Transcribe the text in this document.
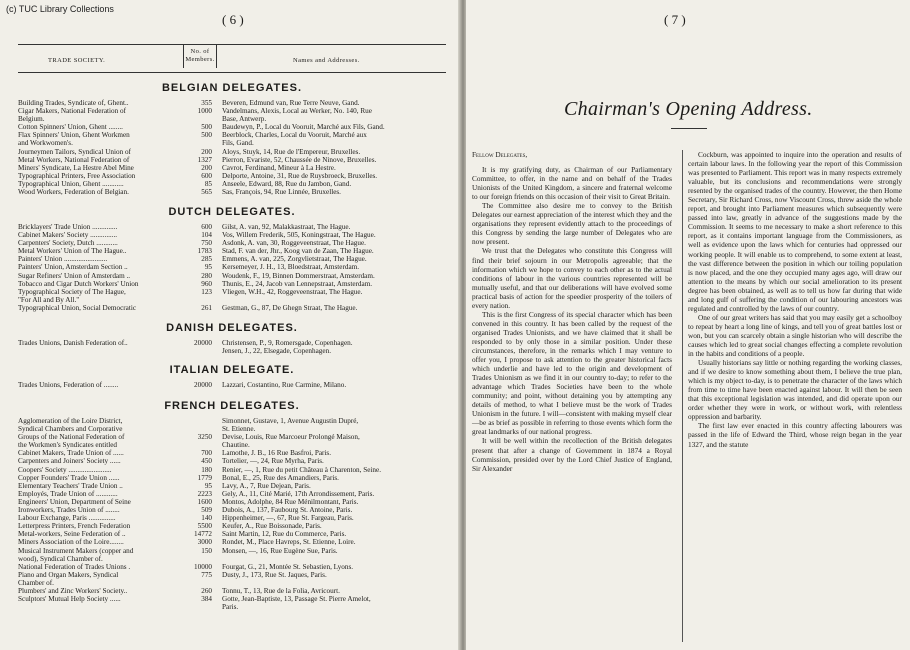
(c) TUC Library Collections
( 6 )
TRADE SOCIETY.
No. of Members.	Names and Addresses.
BELGIAN DELEGATES.
Building Trades, Syndicate of, Ghent..	355 Beveren, Edmund van, Rue Terre Neuve, Gand.
Cigar Makers, National Federation of	1000 Vandelmans, Alexis, Local au Werker, No. 140, Rue
Belgium.	Base, Antwerp.
Cotton Spinners' Union, Ghent ........	500 Baudewyn, P., Local du Vooruit, Marché aux Fils, Gand.
Flax Spinners' Union, Ghent Workmen	500 Beerblock, Charles, Local du Vooruit, Marché aux
and Workwomen's.	Fils, Gand.
Journeymen Tailors, Syndical Union of	200 Aloys, Stuyk, 14, Rue de l'Empereur, Bruxelles.
Metal Workers, National Federation of	1327 Pierron, Evariste, 52, Chaussée de Ninove, Bruxelles.
Miners' Syndicate, La Hestre Abel Mine	200 Cavrot, Ferdinand, Mineur à La Hestre.
Typographical Printers, Free Association	600 Delporte, Antoine, 31, Rue de Ruysbroeck, Bruxelles.
Typographical Union, Ghent ............	85 Anseele, Edward, 88, Rue du Jambon, Gand.
Wood Workers, Federation of Belgian.	565 Sas, François, 94, Rue Linnée, Bruxelles.
DUTCH DELEGATES.
Bricklayers' Trade Union ..............	600 Gilst, A. van, 92, Malakkastraat, The Hague.
Cabinet Makers' Society ...............	104 Vos, Willem Frederik, 505, Koningstraat, The Hague.
Carpenters' Society, Dutch ............	750 Asdonk, A. van, 30, Roggeveenstraat, The Hague.
Metal Workers' Union of The Hague..	1783 Stad, F. van der, Jhr., Koog van de Zaan, The Hague.
Painters' Union ........................	285 Emmens, A. van, 225, Zorgvlietstraat, The Hague.
Painters' Union, Amsterdam Section ..	95 Kersemeyer, J. H., 13, Bloedstraat, Amsterdam.
Sugar Refiners' Union of Amsterdam ..	280 Woudenk, F., 19, Binnen Dommerstraat, Amsterdam.
Tobacco and Cigar Dutch Workers' Union	960 Thunis, E., 24, Jacob van Lennepstraat, Amsterdam.
Typographical Society of The Hague,	123 Vliegen, W.H., 42, Roggeveenstraat, The Hague.
"For All and By All."
Typographical Union, Social Democratic	261 Gestman, G., 87, De Ghegn Straat, The Hague.
DANISH DELEGATES.
Trades Unions, Danish Federation of..	20000 Christensen, P., 9, Romersgade, Copenhagen.
Jensen, J., 22, Elsegade, Copenhagen.
ITALIAN DELEGATE.
Trades Unions, Federation of ........	20000 Lazzari, Costantino, Rue Carmine, Milano.
FRENCH DELEGATES.
Agglomeration of the Loire District,	Simonnet, Gustave, 1, Avenue Augustin Dupré,
Syndical Chambers and Corporative	St. Etienne.
Groups of the National Federation of	3250 Devise, Louis, Rue Marcoeur Prolongé Maison,
the Workmen's Syndicates entitled	Chautine.
Cabinet Makers, Trade Union of ......	700 Lamothe, J. B., 16 Rue Basfroi, Paris.
Carpenters and Joiners' Society ......	450 Tortelier, —, 24, Rue Myrha, Paris.
Coopers' Society ........................	180 Renier, —, 1, Rue du petit Château à Charenton, Seine.
Copper Founders' Trade Union ......	1779 Bonal, E., 25, Rue des Amandiers, Paris.
Elementary Teachers' Trade Union ..	95 Lavy, A., 7, Rue Dejean, Paris.
Employés, Trade Union of ............	2223 Gely, A., 11, Cité Marié, 17th Arrondissement, Paris.
Engineers' Union, Department of Seine	1600 Montos, Adolphe, 84 Rue Ménilmontant, Paris.
Ironworkers, Trades Union of ........	509 Dubois, A., 137, Faubourg St. Antoine, Paris.
Labour Exchange, Paris ...............	140 Hippenheimer, —, 67, Rue St. Fargeau, Paris.
Letterpress Printers, French Federation	5500 Keufer, A., Rue Boissonade, Paris.
Metal-workers, Seine Federation of ..	14772 Saint Martin, 12, Rue du Commerce, Paris.
Miners Association of the Loire........	3000 Rondet, M., Place Havreps, St. Etienne, Loire.
Musical Instrument Makers (copper and	150 Monsen, —, 16, Rue Eugène Sue, Paris.
wood), Syndical Chamber of.
National Federation of Trades Unions .	10000 Fourgat, G., 21, Montée St. Sebastien, Lyons.
Piano and Organ Makers, Syndical	775 Dusty, J., 173, Rue St. Jaques, Paris.
Chamber of.
Plumbers' and Zinc Workers' Society..	260 Tonnu, T., 13, Rue de la Folia, Avricourt.
Sculptors' Mutual Help Society ......	384 Gotte, Jean-Baptiste, 13, Passage St. Pierre Amelot,
Paris.
( 7 )
Chairman's Opening Address.

Fellow Delegates,

It is my gratifying duty, as Chairman of our Parliamentary Committee, to offer, in the name and on behalf of the Trades Unionists of the United Kingdom, a sincere and fraternal welcome to our foreign friends on this occasion of their visit to Great Britain.

The Committee also desire me to convey to the British Delegates our earnest appreciation of the interest which they and the organisations they represent evidently attach to the proceedings of this Congress by sending the large number of Delegates who are now present.

We trust that the Delegates who constitute this Congress will find their brief sojourn in our Metropolis agreeable; that the information which we hope to convey to each other as to the actual conditions of labour in the various countries represented will be mutually useful, and that our deliberations will have evolved some practical basis of action for the speedier prosperity of the toilers of every nation.

This is the first Congress of its special character which has been convened in this country. It has been called by the request of the organised Trades Unionists, and we have claimed that it shall be responded to by only those in a similar position. Under these circumstances, therefore, in the remarks which I may venture to offer you, I propose to ask attention to the greater historical facts which underlie and have led to the origin and development of Trades Unionism as we find it in our country to-day; to refer to the advantage which Trades Societies have been to the whole community; and point, without detaining you by attempting any details of method, to what I believe must be the work of Trades Unionism in the future. I will—consistent with making myself clear—be as brief as possible in referring to those events which form the great landmarks of our national progress.

It will be well within the recollection of the British delegates present that after a change of Government in 1874 a Royal Commission, presided over by the Lord Chief Justice of England, Sir Alexander

Cockburn, was appointed to inquire into the operation and results of certain labour laws. In the following year the report of this Commission was presented to Parliament. This report was in many respects extremely valuable, but its conclusions and recommendations were strongly resented by the organised trades of the country. However, the then Home Secretary, Sir Richard Cross, now Viscount Cross, threw aside the whole report, and brought into Parliament measures which subsequently were passed into law, greatly in advance of the suggestions made by the Commission. It seems to me necessary to make a short reference to this report, as it contains important language from the Commissioners, as well as evidence upon the laws which for centuries had oppressed our working people. It will enable us to comprehend, to some extent at least, the vast difference between the position in which our toiling population is now placed, and the one they occupied many ages ago, will draw our attention to the means by which our social amelioration to its present degree has been obtained, as well as to tell us how far during that wide and long gulf of suffering the condition of our labouring ancestors was regulated and controlled by the laws of our country.

One of our great writers has said that you may easily get a schoolboy to repeat by heart a long line of kings, and tell you of great battles lost or won, but you can scarcely obtain a single historian who will describe the causes which led to great social changes effecting a complete revolution in the habits and conditions of a people.

Usually historians say little or nothing regarding the working classes, and if we desire to know something about them, I believe the true plan, which is my object to-day, is to penetrate the character of the laws which from time to time have been enacted against labour. It will then be seen that this exceptional legislation was intended, and did operate upon our order whether they were in work, or without work, with relentless oppression and barbarity.

The first law ever enacted in this country affecting labourers was passed in the life of Edward the Third, whose reign began in the year 1327, and the statute
